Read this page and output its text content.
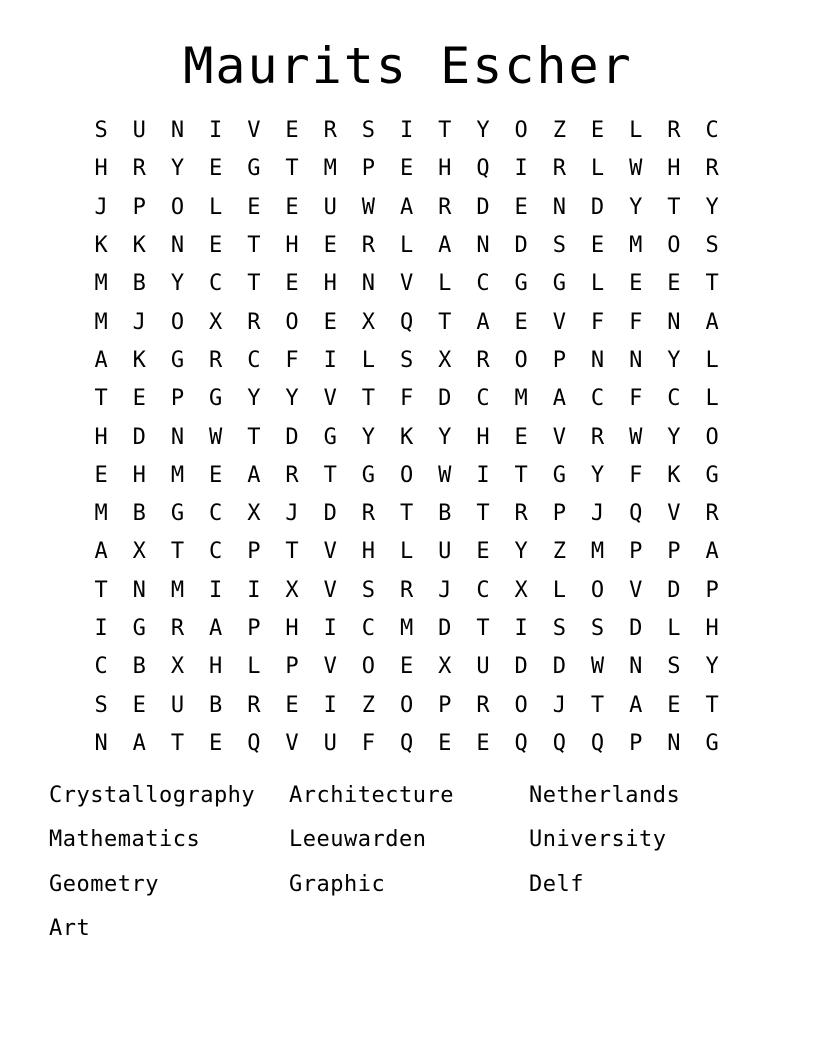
Maurits Escher
S	U	N	I	V	E	R	S	I	T	Y	O	Z	E	L	R	C
H	R	Y	E	G	T	M	P	E	H	Q	I	R	L	W	H	R
J	P	O	L	E	E	U	W	A	R	D	E	N	D	Y	T	Y
K	K	N	E	T	H	E	R	L	A	N	D	S	E	M	O	S
M	B	Y	C	T	E	H	N	V	L	C	G	G	L	E	E	T
M	J	O	X	R	O	E	X	Q	T	A	E	V	F	F	N	A
A	K	G	R	C	F	I	L	S	X	R	O	P	N	N	Y	L
T	E	P	G	Y	Y	V	T	F	D	C	M	A	C	F	C	L
H	D	N	W	T	D	G	Y	K	Y	H	E	V	R	W	Y	O
E	H	M	E	A	R	T	G	O	W	I	T	G	Y	F	K	G
M	B	G	C	X	J	D	R	T	B	T	R	P	J	Q	V	R
A	X	T	C	P	T	V	H	L	U	E	Y	Z	M	P	P	A
T	N	M	I	I	X	V	S	R	J	C	X	L	O	V	D	P
I	G	R	A	P	H	I	C	M	D	T	I	S	S	D	L	H
C	B	X	H	L	P	V	O	E	X	U	D	D	W	N	S	Y
S	E	U	B	R	E	I	Z	O	P	R	O	J	T	A	E	T
N	A	T	E	Q	V	U	F	Q	E	E	Q	Q	Q	P	N	G
Crystallography	Architecture	Netherlands
Mathematics	Leeuwarden	University
Geometry	Graphic	Delf
Art
